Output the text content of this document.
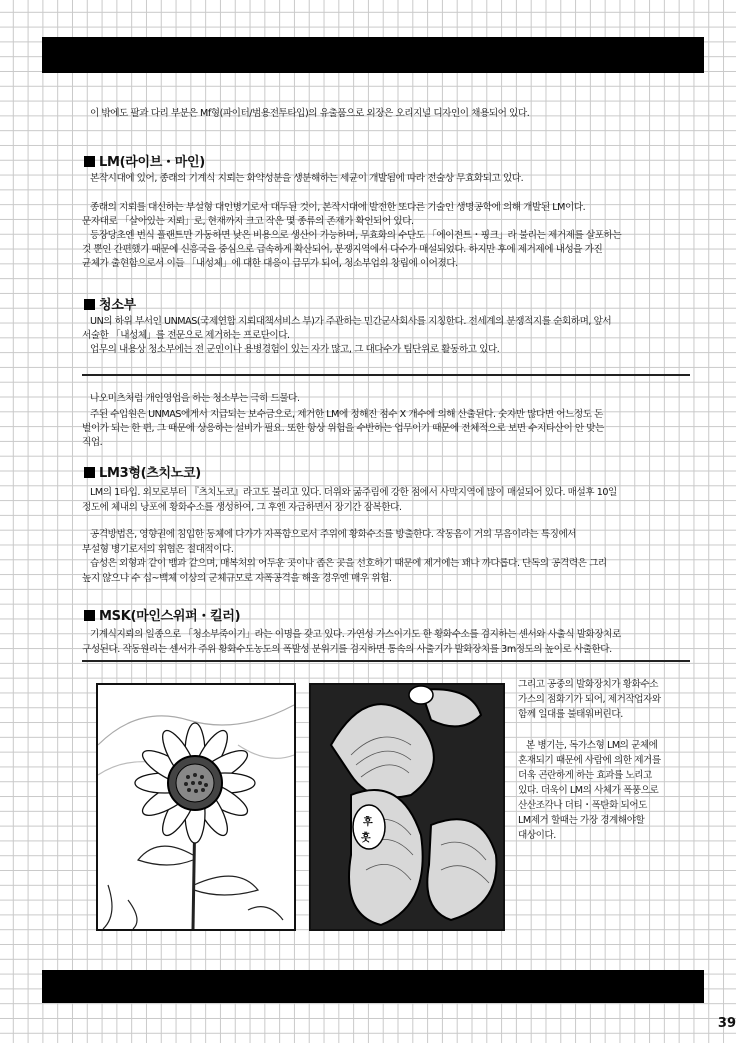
이 밖에도 팔과 다리 부분은 Mf형(파이터/범용전투타입)의 유출품으로 외장은 오리지널 디자인이 채용되어 있다.
LM(라이브・마인)
본작시대에 있어, 종래의 기계식 지뢰는 화약성분을 생분해하는 세균이 개발됨에 따라 전술상 무효화되고 있다.
종래의 지뢰를 대신하는 부설형 대인병기로서 대두된 것이, 본작시대에 발전한 또다른 기술인 생명공학에 의해 개발된 LM이다.
문자대로 「살아있는 지뢰」로, 현재까지 크고 작은 몇 종류의 존재가 확인되어 있다.
등장당초엔 번식 플랜트만 가동하면 낮은 비용으로 생산이 가능하며, 무효화의 수단도 「에이전트・핑크」라 불리는 제거제를 살포하는
것 뿐인 간편했기 때문에 신흥국을 중심으로 급속하게 확산되어, 분쟁지역에서 다수가 매설되었다. 하지만 후에 제거제에 내성을 가진
균체가 출현함으로서 이들 「내성체」에 대한 대응이 급무가 되어, 청소부업의 창립에 이어졌다.
청소부
UN의 하위 부서인 UNMAS(국제연합 지뢰대책서비스 부)가 주관하는 민간군사회사를 지칭한다. 전세계의 분쟁적지를 순회하며, 앞서
서술한 「내성체」를 전문으로 제거하는 프로단이다.
업무의 내용상 청소부에는 전 군인이나 용병경험이 있는 자가 많고, 그 대다수가 팀단위로 활동하고 있다.
나오미츠처럼 개인영업을 하는 청소부는 극히 드물다.
주된 수입원은 UNMAS에게서 지급되는 보수금으로, 제거한 LM에 정해진 점수 X 개수에 의해 산출된다. 숫자만 많다면 어느정도 돈
벌이가 되는 한 편, 그 때문에 상응하는 설비가 필요. 또한 항상 위험을 수반하는 업무이기 때문에 전체적으로 보면 수지타산이 안 맞는
직업.
LM3형(츠치노코)
LM의 1타입. 외모로부터 『츠치노코』라고도 불리고 있다. 더위와 굶주림에 강한 점에서 사막지역에 많이 매설되어 있다. 매설후 10일
정도에 체내의 낭포에 황화수소를 생성하여, 그 후엔 자급하면서 장기간 잠복한다.
공격방법은, 영향권에 침입한 동체에 다가가 자폭함으로서 주위에 황화수소를 방출한다. 작동음이 거의 무음이라는 특징에서
부설형 병기로서의 위협은 절대적이다.
습성은 외형과 같이 뱀과 같으며, 매복처의 어두운 곳이나 좁은 곳을 선호하기 때문에 제거에는 꽤나 까다롭다. 단독의 공격력은 그리
높지 않으나 수 십~백체 이상의 군체규모로 자폭공격을 해올 경우엔 매우 위험.
MSK(마인스위퍼・킬러)
기계식지뢰의 일종으로 「청소부죽이기」라는 이명을 갖고 있다. 가연성 가스이기도 한 황화수소를 검지하는 센서와 사출식 발화장치로
구성된다. 작동원리는 센서가 주위 황화수도농도의 폭발성 분위기를 검지하면 통속의 사출기가 발화장치를 3m정도의 높이로 사출한다.
후
훗
그리고 공중의 발화장치가 황화수소
가스의 점화기가 되어, 제거작업자와
함께 일대를 불태워버린다.
본 병기는, 독가스형 LM의 군체에
혼재되기 때문에 사람에 의한 제거를
더욱 곤란하게 하는 효과를 노리고
있다. 더욱이 LM의 사체가 폭풍으로
산산조각나 더티・폭탄화 되어도
LM제거 할때는 가장 경계해야할
대상이다.
39
